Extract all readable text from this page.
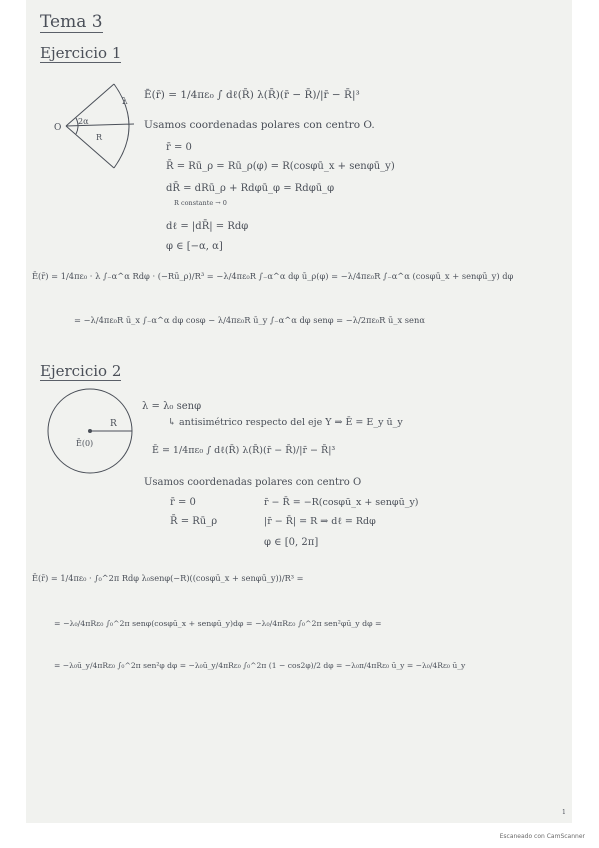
Tema 3
Ejercicio 1
O
2α
R
λ
Ē(r̄) = 1/4πε₀ ∫ dℓ(R̄) λ(R̄)(r̄ − R̄)/|r̄ − R̄|³
Usamos coordenadas polares con centro O.
r̄ = 0
R̄ = Rū_ρ = Rū_ρ(φ) = R(cosφū_x + senφū_y)
dR̄ = dRū_ρ + Rdφū_φ = Rdφū_φ
R constante → 0
dℓ = |dR̄| = Rdφ
φ ∈ [−α, α]
Ē(r̄) = 1/4πε₀ · λ ∫₋α^α Rdφ · (−Rū_ρ)/R³ = −λ/4πε₀R ∫₋α^α dφ ū_ρ(φ) = −λ/4πε₀R ∫₋α^α (cosφū_x + senφū_y) dφ
= −λ/4πε₀R ū_x ∫₋α^α dφ cosφ − λ/4πε₀R ū_y ∫₋α^α dφ senφ = −λ/2πε₀R ū_x senα
Ejercicio 2
R
Ē(0)
λ = λ₀ senφ
↳ antisimétrico respecto del eje Y ⇒ Ē = E_y ū_y
Ē = 1/4πε₀ ∫ dℓ(R̄) λ(R̄)(r̄ − R̄)/|r̄ − R̄|³
Usamos coordenadas polares con centro O
r̄ = 0	r̄ − R̄ = −R(cosφū_x + senφū_y)
R̄ = Rū_ρ	|r̄ − R̄| = R ⇒ dℓ = Rdφ
φ ∈ [0, 2π]
Ē(r̄) = 1/4πε₀ · ∫₀^2π Rdφ λ₀senφ(−R)((cosφū_x + senφū_y))/R³ =
= −λ₀/4πRε₀ ∫₀^2π senφ(cosφū_x + senφū_y)dφ = −λ₀/4πRε₀ ∫₀^2π sen²φū_y dφ =
= −λ₀ū_y/4πRε₀ ∫₀^2π sen²φ dφ = −λ₀ū_y/4πRε₀ ∫₀^2π (1 − cos2φ)/2 dφ = −λ₀π/4πRε₀ ū_y = −λ₀/4Rε₀ ū_y
1
Escaneado con CamScanner
